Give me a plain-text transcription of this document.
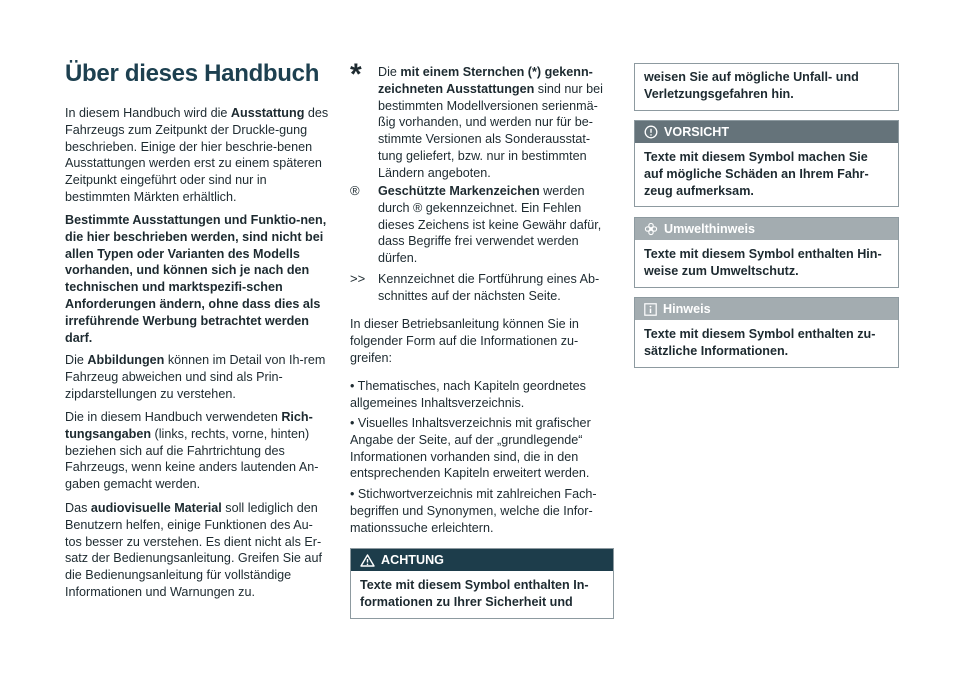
Über dieses Handbuch

In diesem Handbuch wird die Ausstattung des Fahrzeugs zum Zeitpunkt der Druckle-gung beschrieben. Einige der hier beschrie-benen Ausstattungen werden erst zu einem späteren Zeitpunkt eingeführt oder sind nur in bestimmten Märkten erhältlich.

Bestimmte Ausstattungen und Funktio-nen, die hier beschrieben werden, sind nicht bei allen Typen oder Varianten des Modells vorhanden, und können sich je nach den technischen und marktspezifi-schen Anforderungen ändern, ohne dass dies als irreführende Werbung betrachtet werden darf.

Die Abbildungen können im Detail von Ih-rem Fahrzeug abweichen und sind als Prin-zipdarstellungen zu verstehen.

Die in diesem Handbuch verwendeten Rich-tungsangaben (links, rechts, vorne, hinten) beziehen sich auf die Fahrtrichtung des Fahrzeugs, wenn keine anders lautenden An-gaben gemacht werden.

Das audiovisuelle Material soll lediglich den Benutzern helfen, einige Funktionen des Au-tos besser zu verstehen. Es dient nicht als Er-satz der Bedienungsanleitung. Greifen Sie auf die Bedienungsanleitung für vollständige Informationen und Warnungen zu.

*	Die mit einem Sternchen (*) gekenn-zeichneten Ausstattungen sind nur bei bestimmten Modellversionen serienmä-ßig vorhanden, und werden nur für be-stimmte Versionen als Sonderausstat-tung geliefert, bzw. nur in bestimmten Ländern angeboten.

®	Geschützte Markenzeichen werden durch ® gekennzeichnet. Ein Fehlen dieses Zeichens ist keine Gewähr dafür, dass Begriffe frei verwendet werden dürfen.

>>	Kennzeichnet die Fortführung eines Ab-schnittes auf der nächsten Seite.

In dieser Betriebsanleitung können Sie in folgender Form auf die Informationen zu-greifen:

• Thematisches, nach Kapiteln geordnetes allgemeines Inhaltsverzeichnis.

• Visuelles Inhaltsverzeichnis mit grafischer Angabe der Seite, auf der „grundlegende“ Informationen vorhanden sind, die in den entsprechenden Kapiteln erweitert werden.

• Stichwortverzeichnis mit zahlreichen Fach-begriffen und Synonymen, welche die Infor-mationssuche erleichtern.

ACHTUNG

Texte mit diesem Symbol enthalten In-formationen zu Ihrer Sicherheit und

weisen Sie auf mögliche Unfall- und Verletzungsgefahren hin.

VORSICHT

Texte mit diesem Symbol machen Sie auf mögliche Schäden an Ihrem Fahr-zeug aufmerksam.

Umwelthinweis

Texte mit diesem Symbol enthalten Hin-weise zum Umweltschutz.

Hinweis

Texte mit diesem Symbol enthalten zu-sätzliche Informationen.
